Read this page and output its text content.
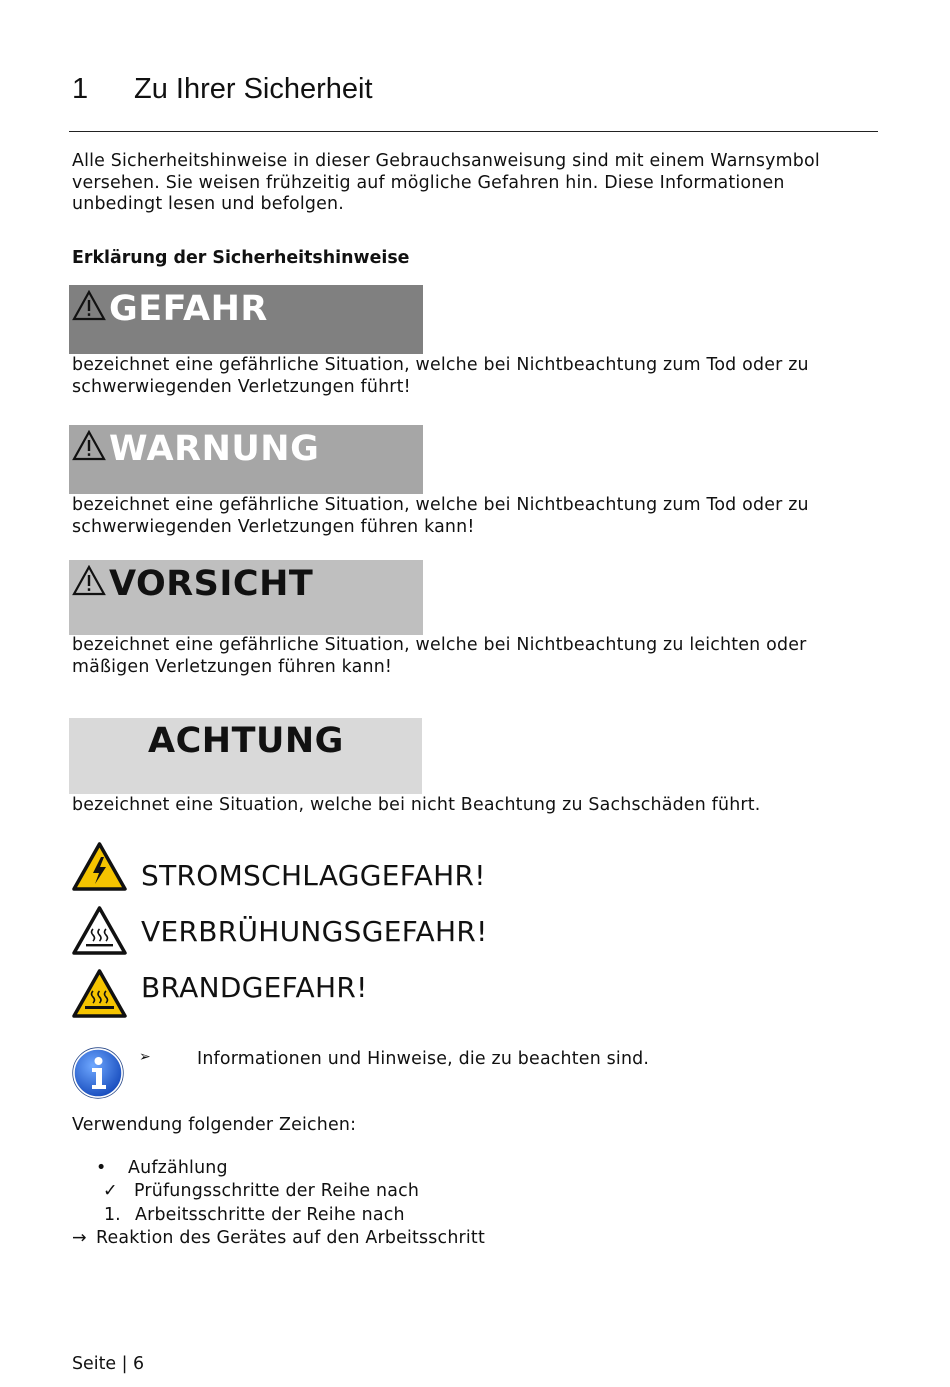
1 Zu Ihrer Sicherheit
Alle Sicherheitshinweise in dieser Gebrauchsanweisung sind mit einem Warnsymbol
versehen. Sie weisen frühzeitig auf mögliche Gefahren hin. Diese Informationen
unbedingt lesen und befolgen.
Erklärung der Sicherheitshinweise
GEFAHR
bezeichnet eine gefährliche Situation, welche bei Nichtbeachtung zum Tod oder zu
schwerwiegenden Verletzungen führt!
WARNUNG
bezeichnet eine gefährliche Situation, welche bei Nichtbeachtung zum Tod oder zu
schwerwiegenden Verletzungen führen kann!
VORSICHT
bezeichnet eine gefährliche Situation, welche bei Nichtbeachtung zu leichten oder
mäßigen Verletzungen führen kann!
ACHTUNG
bezeichnet eine Situation, welche bei nicht Beachtung zu Sachschäden führt.
STROMSCHLAGGEFAHR!
VERBRÜHUNGSGEFAHR!
BRANDGEFAHR!
➢	Informationen und Hinweise, die zu beachten sind.
Verwendung folgender Zeichen:
• Aufzählung
✓ Prüfungsschritte der Reihe nach
1. Arbeitsschritte der Reihe nach
→ Reaktion des Gerätes auf den Arbeitsschritt
Seite | 6
